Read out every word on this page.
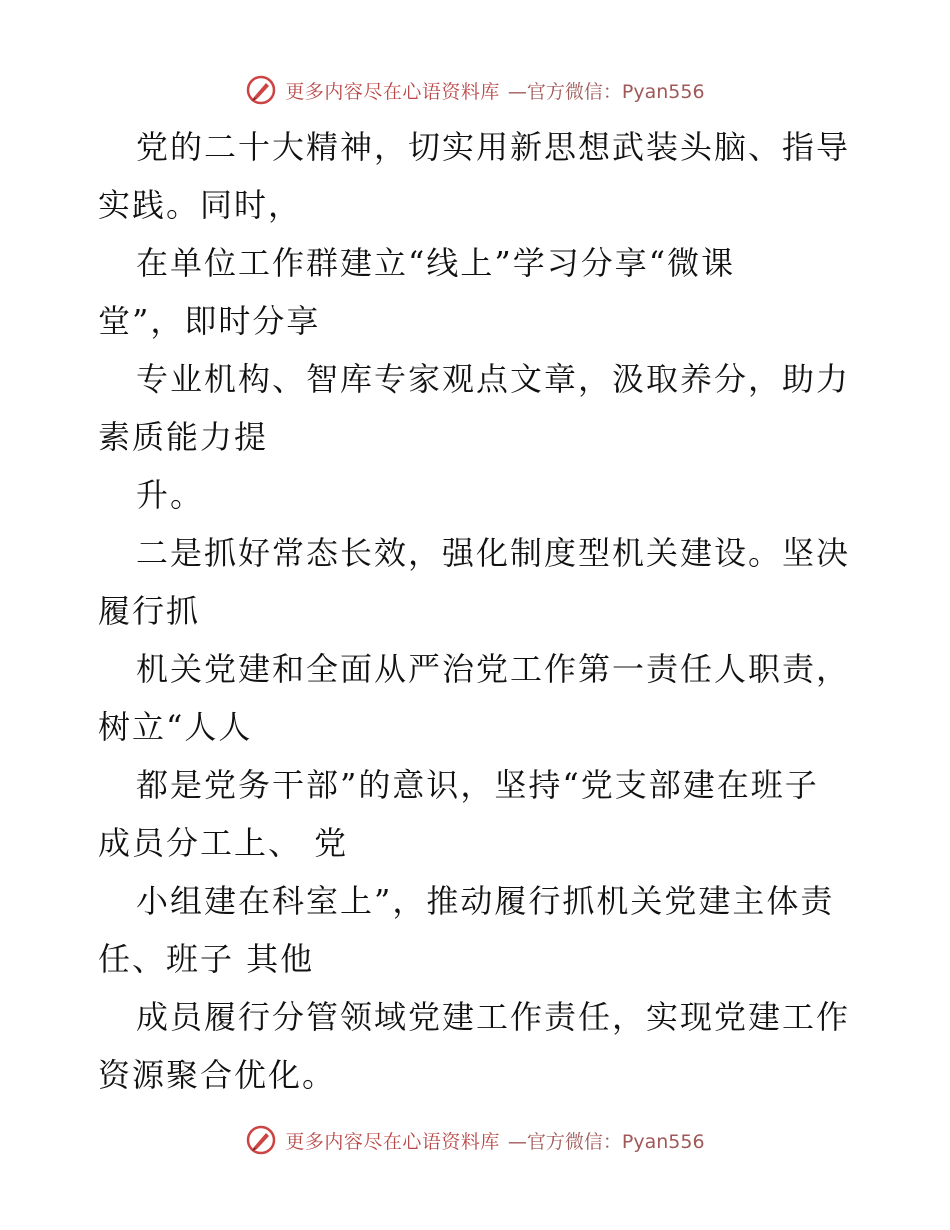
更多内容尽在心语资料库 —官方微信：Pyan556
党的二十大精神，切实用新思想武装头脑、指导
实践。同时，
在单位工作群建立“线上”学习分享“微课
堂”，即时分享
专业机构、智库专家观点文章，汲取养分，助力
素质能力提
升。
二是抓好常态长效，强化制度型机关建设。坚决
履行抓
机关党建和全面从严治党工作第一责任人职责，
树立“人人
都是党务干部”的意识，坚持“党支部建在班子
成员分工上、 党
小组建在科室上”，推动履行抓机关党建主体责
任、班子 其他
成员履行分管领域党建工作责任，实现党建工作
资源聚合优化。
更多内容尽在心语资料库 —官方微信：Pyan556
